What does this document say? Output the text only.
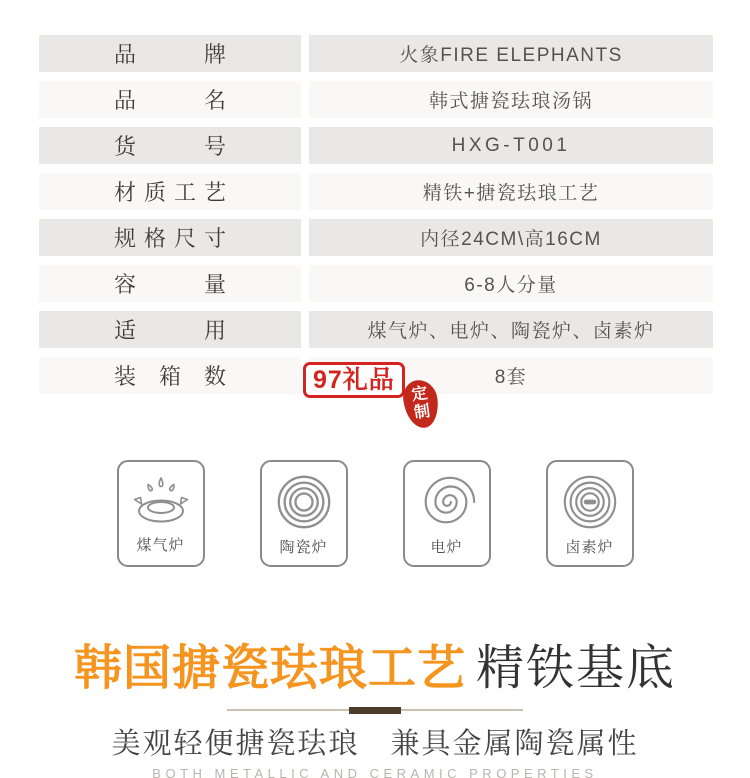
品牌	火象FIRE ELEPHANTS
品名	韩式搪瓷珐琅汤锅
货号	HXG-T001
材质工艺	精铁+搪瓷珐琅工艺
规格尺寸	内径24CM\高16CM
容量	6-8人分量
适用	煤气炉、电炉、陶瓷炉、卤素炉
装箱数	8套
97礼品
定
制
煤气炉	陶瓷炉	电炉	卤素炉
韩国搪瓷珐琅工艺 精铁基底
美观轻便搪瓷珐琅　兼具金属陶瓷属性
BOTH METALLIC AND CERAMIC PROPERTIES
